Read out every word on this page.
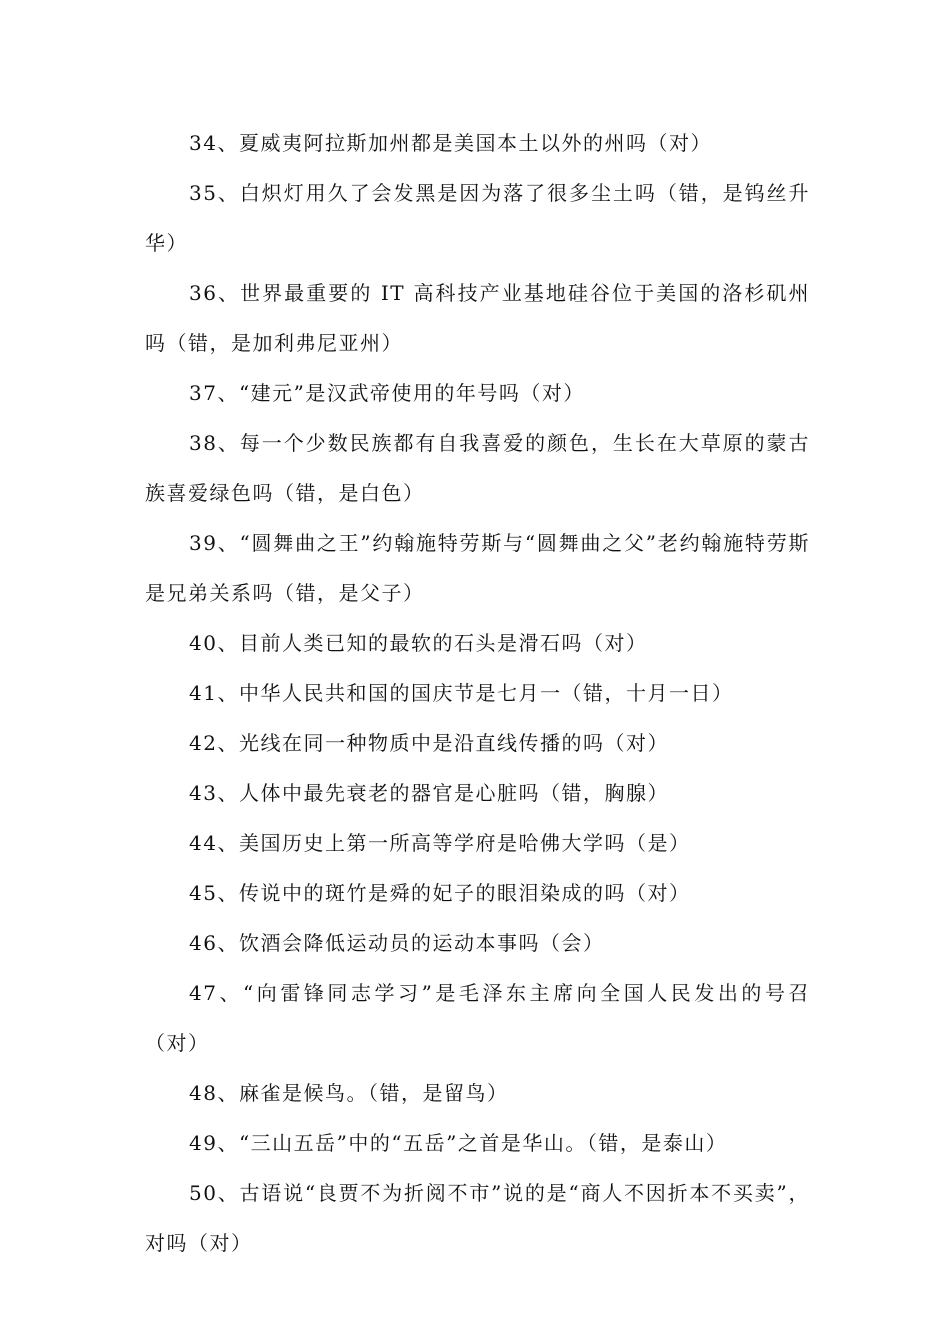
34、夏威夷阿拉斯加州都是美国本土以外的州吗（对）

35、白炽灯用久了会发黑是因为落了很多尘土吗（错，是钨丝升华）

36、世界最重要的 IT 高科技产业基地硅谷位于美国的洛杉矶州吗（错，是加利弗尼亚州）

37、“建元”是汉武帝使用的年号吗（对）

38、每一个少数民族都有自我喜爱的颜色，生长在大草原的蒙古族喜爱绿色吗（错，是白色）

39、“圆舞曲之王”约翰施特劳斯与“圆舞曲之父”老约翰施特劳斯是兄弟关系吗（错，是父子）

40、目前人类已知的最软的石头是滑石吗（对）

41、中华人民共和国的国庆节是七月一（错，十月一日）

42、光线在同一种物质中是沿直线传播的吗（对）

43、人体中最先衰老的器官是心脏吗（错，胸腺）

44、美国历史上第一所高等学府是哈佛大学吗（是）

45、传说中的斑竹是舜的妃子的眼泪染成的吗（对）

46、饮酒会降低运动员的运动本事吗（会）

47、“向雷锋同志学习”是毛泽东主席向全国人民发出的号召（对）

48、麻雀是候鸟。（错，是留鸟）

49、“三山五岳”中的“五岳”之首是华山。（错，是泰山）

50、古语说“良贾不为折阅不市”说的是“商人不因折本不买卖”，对吗（对）
